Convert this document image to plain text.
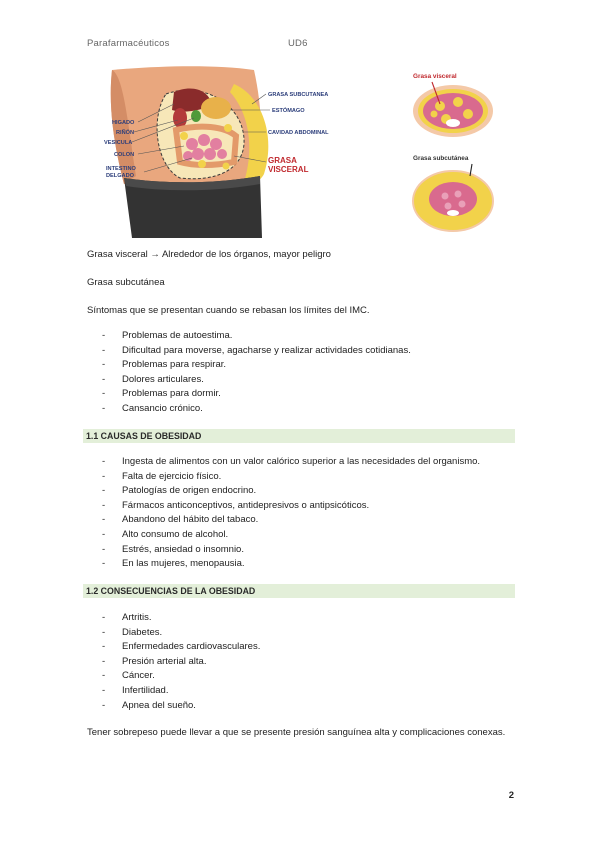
Parafarmacéuticos	UD6
HIGADO
RIÑÓN
VESICULA
COLON
INTESTINO
DELGADO
GRASA SUBCUTANEA
ESTÓMAGO
CAVIDAD ABDOMINAL
GRASA
VISCERAL
Grasa visceral
Grasa subcutánea
Grasa visceral → Alrededor de los órganos, mayor peligro
Grasa subcutánea
Síntomas que se presentan cuando se rebasan los límites del IMC.
- Problemas de autoestima.
- Dificultad para moverse, agacharse y realizar actividades cotidianas.
- Problemas para respirar.
- Dolores articulares.
- Problemas para dormir.
- Cansancio crónico.
1.1 CAUSAS DE OBESIDAD
- Ingesta de alimentos con un valor calórico superior a las necesidades del organismo.
- Falta de ejercicio físico.
- Patologías de origen endocrino.
- Fármacos anticonceptivos, antidepresivos o antipsicóticos.
- Abandono del hábito del tabaco.
- Alto consumo de alcohol.
- Estrés, ansiedad o insomnio.
- En las mujeres, menopausia.
1.2 CONSECUENCIAS DE LA OBESIDAD
- Artritis.
- Diabetes.
- Enfermedades cardiovasculares.
- Presión arterial alta.
- Cáncer.
- Infertilidad.
- Apnea del sueño.
Tener sobrepeso puede llevar a que se presente presión sanguínea alta y complicaciones conexas.
2
